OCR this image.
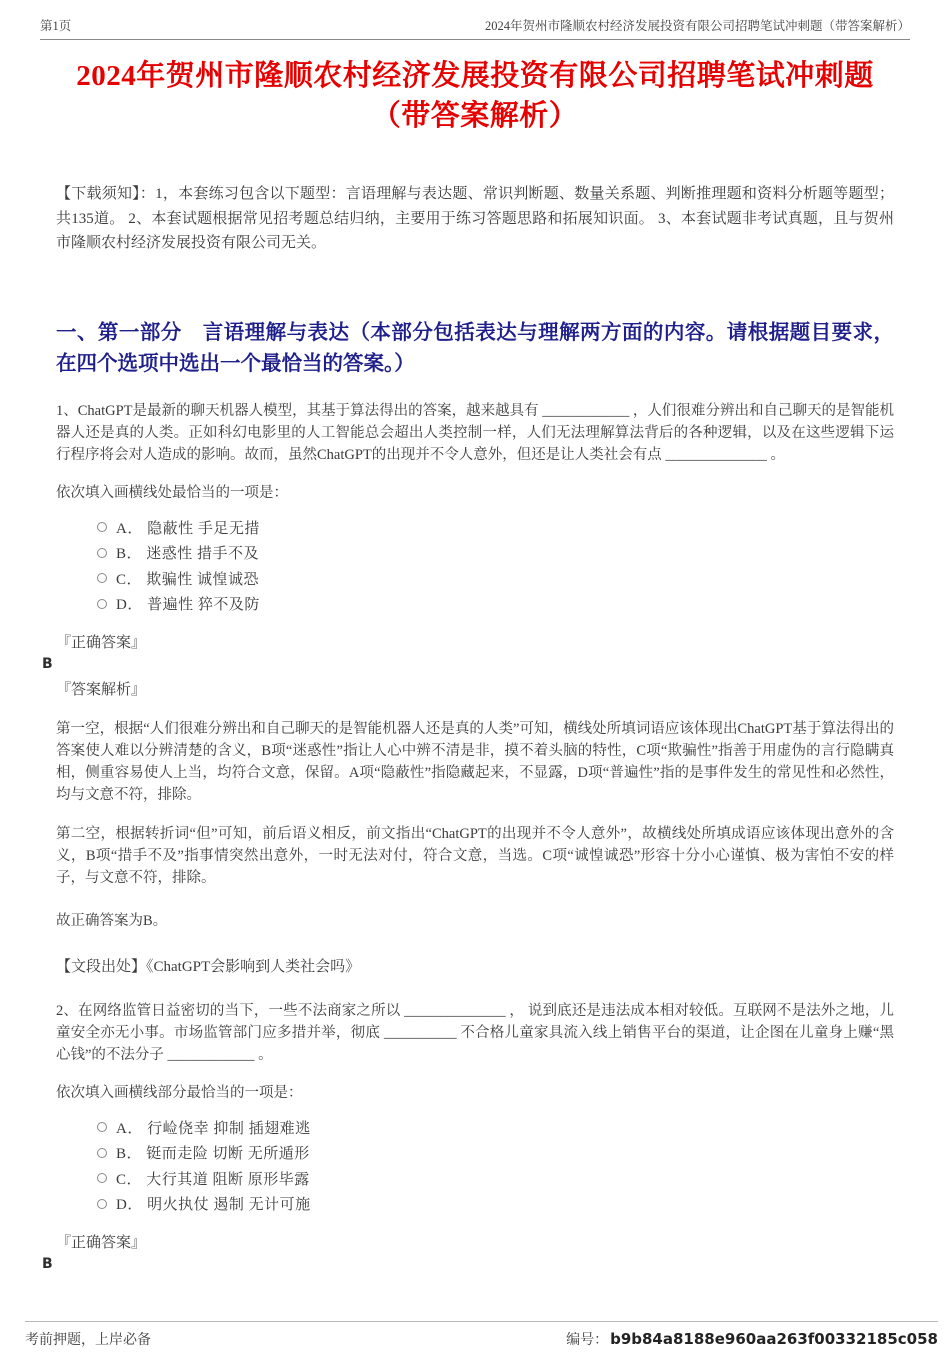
第1页	2024年贺州市隆顺农村经济发展投资有限公司招聘笔试冲刺题（带答案解析）
2024年贺州市隆顺农村经济发展投资有限公司招聘笔试冲刺题
（带答案解析）

【下载须知】：1，本套练习包含以下题型：言语理解与表达题、常识判断题、数量关系题、判断推理题和资料分析题等题型；共135道。 2、本套试题根据常见招考题总结归纳，主要用于练习答题思路和拓展知识面。 3、本套试题非考试真题，且与贺州市隆顺农村经济发展投资有限公司无关。

一、第一部分　言语理解与表达（本部分包括表达与理解两方面的内容。请根据题目要求，在四个选项中选出一个最恰当的答案。）

1、ChatGPT是最新的聊天机器人模型，其基于算法得出的答案，越来越具有 ____________ ，人们很难分辨出和自己聊天的是智能机器人还是真的人类。正如科幻电影里的人工智能总会超出人类控制一样，人们无法理解算法背后的各种逻辑，以及在这些逻辑下运行程序将会对人造成的影响。故而，虽然ChatGPT的出现并不令人意外，但还是让人类社会有点 ______________ 。

依次填入画横线处最恰当的一项是：

A． 隐蔽性 手足无措
B． 迷惑性 措手不及
C． 欺骗性 诚惶诚恐
D． 普遍性 猝不及防
『正确答案』
B
『答案解析』

第一空，根据“人们很难分辨出和自己聊天的是智能机器人还是真的人类”可知，横线处所填词语应该体现出ChatGPT基于算法得出的答案使人难以分辨清楚的含义，B项“迷惑性”指让人心中辨不清是非，摸不着头脑的特性，C项“欺骗性”指善于用虚伪的言行隐瞒真相，侧重容易使人上当，均符合文意，保留。A项“隐蔽性”指隐藏起来，不显露，D项“普遍性”指的是事件发生的常见性和必然性，均与文意不符，排除。

第二空，根据转折词“但”可知，前后语义相反，前文指出“ChatGPT的出现并不令人意外”，故横线处所填成语应该体现出意外的含义，B项“措手不及”指事情突然出意外，一时无法对付，符合文意，当选。C项“诚惶诚恐”形容十分小心谨慎、极为害怕不安的样子，与文意不符，排除。

故正确答案为B。

【文段出处】《ChatGPT会影响到人类社会吗》

2、在网络监管日益密切的当下，一些不法商家之所以 ______________ ， 说到底还是违法成本相对较低。互联网不是法外之地，儿童安全亦无小事。市场监管部门应多措并举，彻底 __________ 不合格儿童家具流入线上销售平台的渠道，让企图在儿童身上赚“黑心钱”的不法分子 ____________ 。

依次填入画横线部分最恰当的一项是：

A． 行崄侥幸 抑制 插翅难逃
B． 铤而走险 切断 无所遁形
C． 大行其道 阻断 原形毕露
D． 明火执仗 遏制 无计可施
『正确答案』
B
考前押题，上岸必备	编号： b9b84a8188e960aa263f00332185c058
